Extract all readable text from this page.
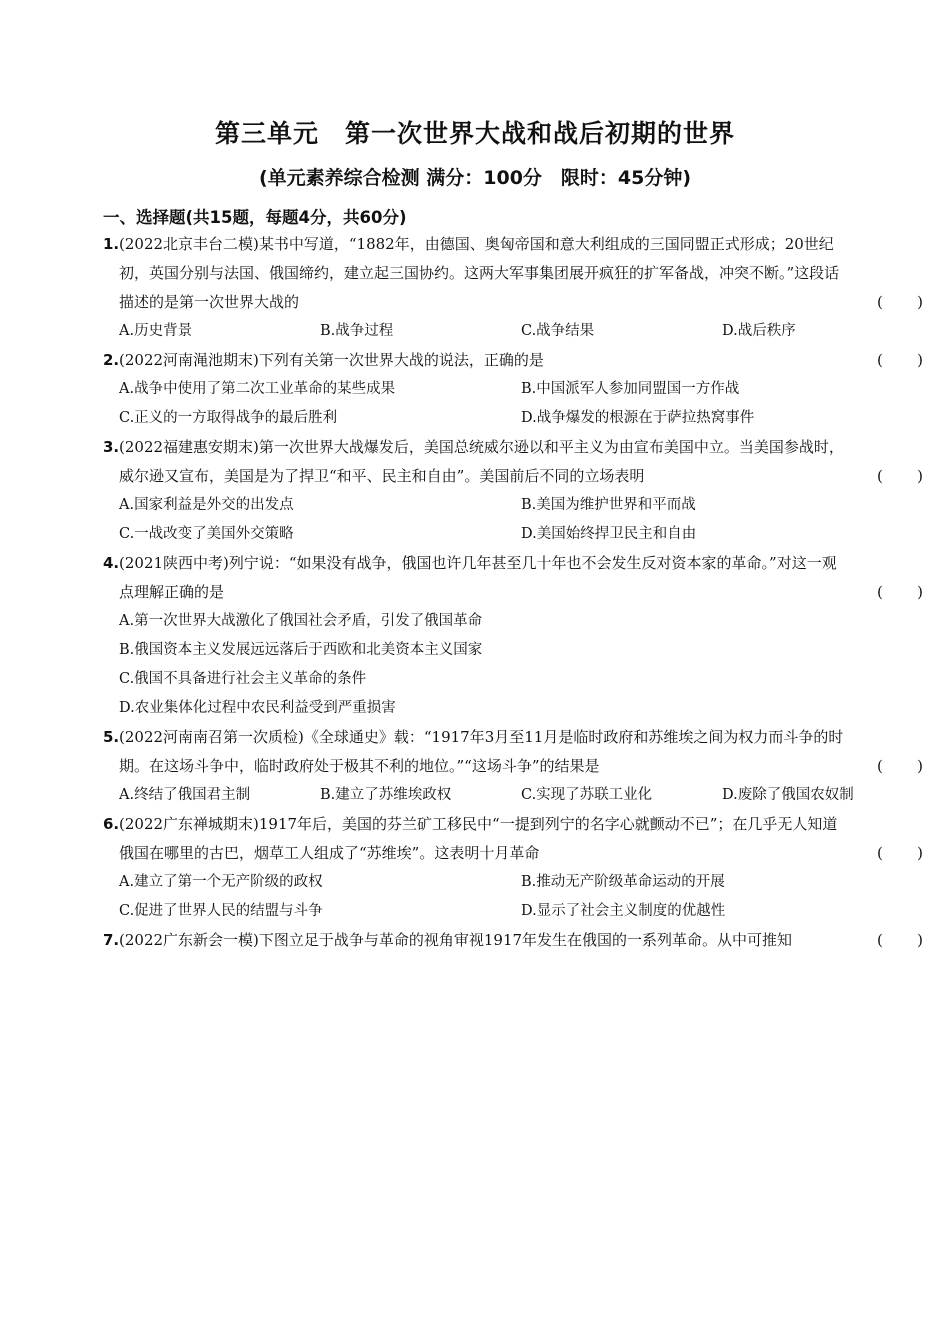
第三单元　第一次世界大战和战后初期的世界
(单元素养综合检测 满分：100分　限时：45分钟)
一、选择题(共15题，每题4分，共60分)
1. (2022北京丰台二模)某书中写道，“1882年，由德国、奥匈帝国和意大利组成的三国同盟正式形成；20世纪初，英国分别与法国、俄国缔约，建立起三国协约。这两大军事集团展开疯狂的扩军备战，冲突不断。”这段话描述的是第一次世界大战的	( )
A.历史背景	B.战争过程	C.战争结果	D.战后秩序
2. (2022河南渑池期末)下列有关第一次世界大战的说法，正确的是	( )
A.战争中使用了第二次工业革命的某些成果	B.中国派军人参加同盟国一方作战
C.正义的一方取得战争的最后胜利	D.战争爆发的根源在于萨拉热窝事件
3. (2022福建惠安期末)第一次世界大战爆发后，美国总统威尔逊以和平主义为由宣布美国中立。当美国参战时，威尔逊又宣布，美国是为了捍卫“和平、民主和自由”。美国前后不同的立场表明	( )
A.国家利益是外交的出发点	B.美国为维护世界和平而战
C.一战改变了美国外交策略	D.美国始终捍卫民主和自由
4. (2021陕西中考)列宁说：“如果没有战争，俄国也许几年甚至几十年也不会发生反对资本家的革命。”对这一观点理解正确的是	( )
A.第一次世界大战激化了俄国社会矛盾，引发了俄国革命
B.俄国资本主义发展远远落后于西欧和北美资本主义国家
C.俄国不具备进行社会主义革命的条件
D.农业集体化过程中农民利益受到严重损害
5. (2022河南南召第一次质检)《全球通史》载：“1917年3月至11月是临时政府和苏维埃之间为权力而斗争的时期。在这场斗争中，临时政府处于极其不利的地位。”“这场斗争”的结果是	( )
A.终结了俄国君主制	B.建立了苏维埃政权	C.实现了苏联工业化	D.废除了俄国农奴制
6. (2022广东禅城期末)1917年后，美国的芬兰矿工移民中“一提到列宁的名字心就颤动不已”；在几乎无人知道俄国在哪里的古巴，烟草工人组成了“苏维埃”。这表明十月革命	( )
A.建立了第一个无产阶级的政权	B.推动无产阶级革命运动的开展
C.促进了世界人民的结盟与斗争	D.显示了社会主义制度的优越性
7. (2022广东新会一模)下图立足于战争与革命的视角审视1917年发生在俄国的一系列革命。从中可推知	( )
